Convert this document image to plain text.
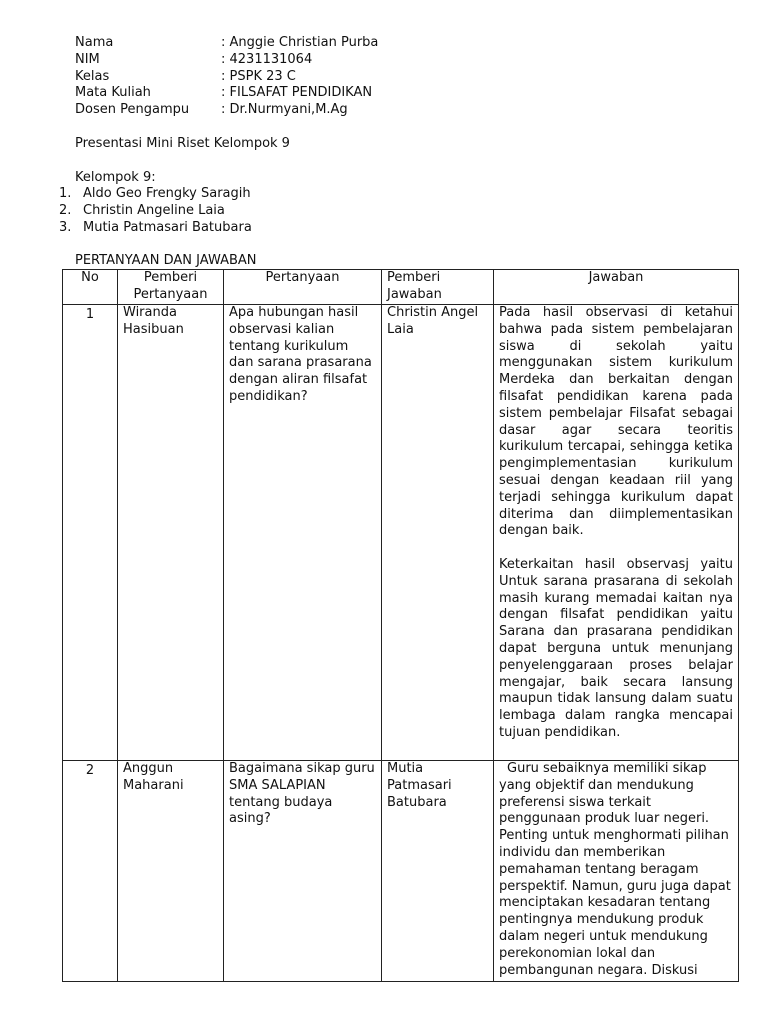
Nama	: Anggie Christian Purba
NIM	: 4231131064
Kelas	: PSPK 23 C
Mata Kuliah	: FILSAFAT PENDIDIKAN
Dosen Pengampu	: Dr.Nurmyani,M.Ag
Presentasi Mini Riset Kelompok 9
Kelompok 9:
1. Aldo Geo Frengky Saragih
2. Christin Angeline Laia
3. Mutia Patmasari Batubara
PERTANYAAN DAN JAWABAN
No	Pemberi Pertanyaan	Pertanyaan	Pemberi Jawaban	Jawaban
1	Wiranda Hasibuan	Apa hubungan hasil observasi kalian tentang kurikulum dan sarana prasarana dengan aliran filsafat pendidikan?	Christin Angel Laia	Pada hasil observasi di ketahui bahwa pada sistem pembelajaran siswa di sekolah yaitu menggunakan sistem kurikulum Merdeka dan berkaitan dengan filsafat pendidikan karena pada sistem pembelajar Filsafat sebagai dasar agar secara teoritis kurikulum tercapai, sehingga ketika pengimplementasian kurikulum sesuai dengan keadaan riil yang terjadi sehingga kurikulum dapat diterima dan diimplementasikan dengan baik.

Keterkaitan hasil observasj yaitu Untuk sarana prasarana di sekolah masih kurang memadai kaitan nya dengan filsafat pendidikan yaitu Sarana dan prasarana pendidikan dapat berguna untuk menunjang penyelenggaraan proses belajar mengajar, baik secara lansung maupun tidak lansung dalam suatu lembaga dalam rangka mencapai tujuan pendidikan.

2	Anggun Maharani	Bagaimana sikap guru SMA SALAPIAN tentang budaya asing?	Mutia Patmasari Batubara	Guru sebaiknya memiliki sikap yang objektif dan mendukung preferensi siswa terkait penggunaan produk luar negeri. Penting untuk menghormati pilihan individu dan memberikan pemahaman tentang beragam perspektif. Namun, guru juga dapat menciptakan kesadaran tentang pentingnya mendukung produk dalam negeri untuk mendukung perekonomian lokal dan pembangunan negara. Diskusi
